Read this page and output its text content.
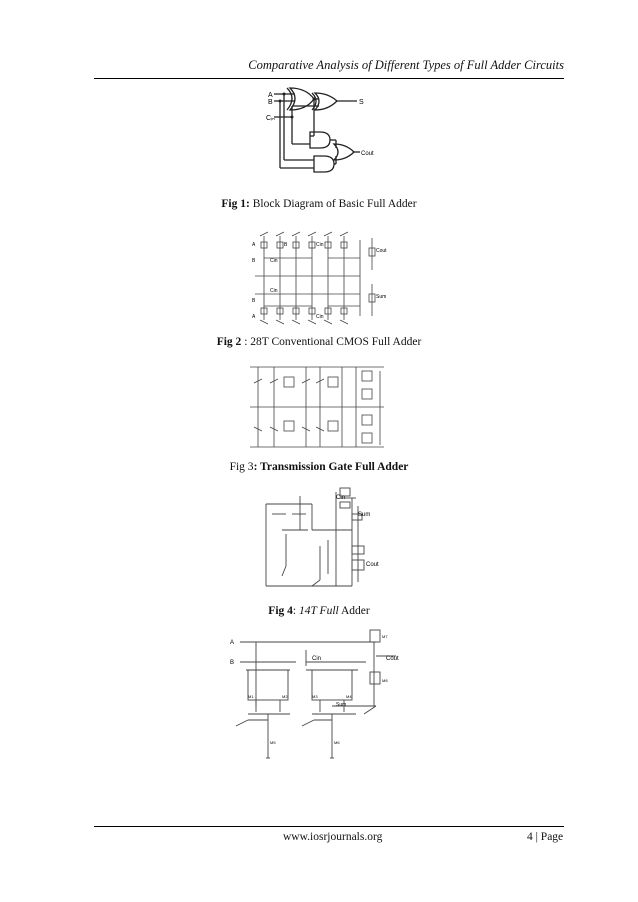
Comparative Analysis of Different Types of Full Adder Circuits
A
B
Cᵢₙ
S
Cout
Fig 1: Block Diagram of Basic Full Adder
A	B	Cin
B	Cin
B
Cin
A	Cin
Cout
Sum
Fig 2 : 28T Conventional CMOS Full Adder
Fig 3: Transmission Gate Full Adder
Cin
Sum
Cout
Fig 4: 14T Full Adder
A
B
Cin	Cout
Sum
M1	M2	M3	M4
M5	M6
M7
M8
www.iosrjournals.org	4 | Page
